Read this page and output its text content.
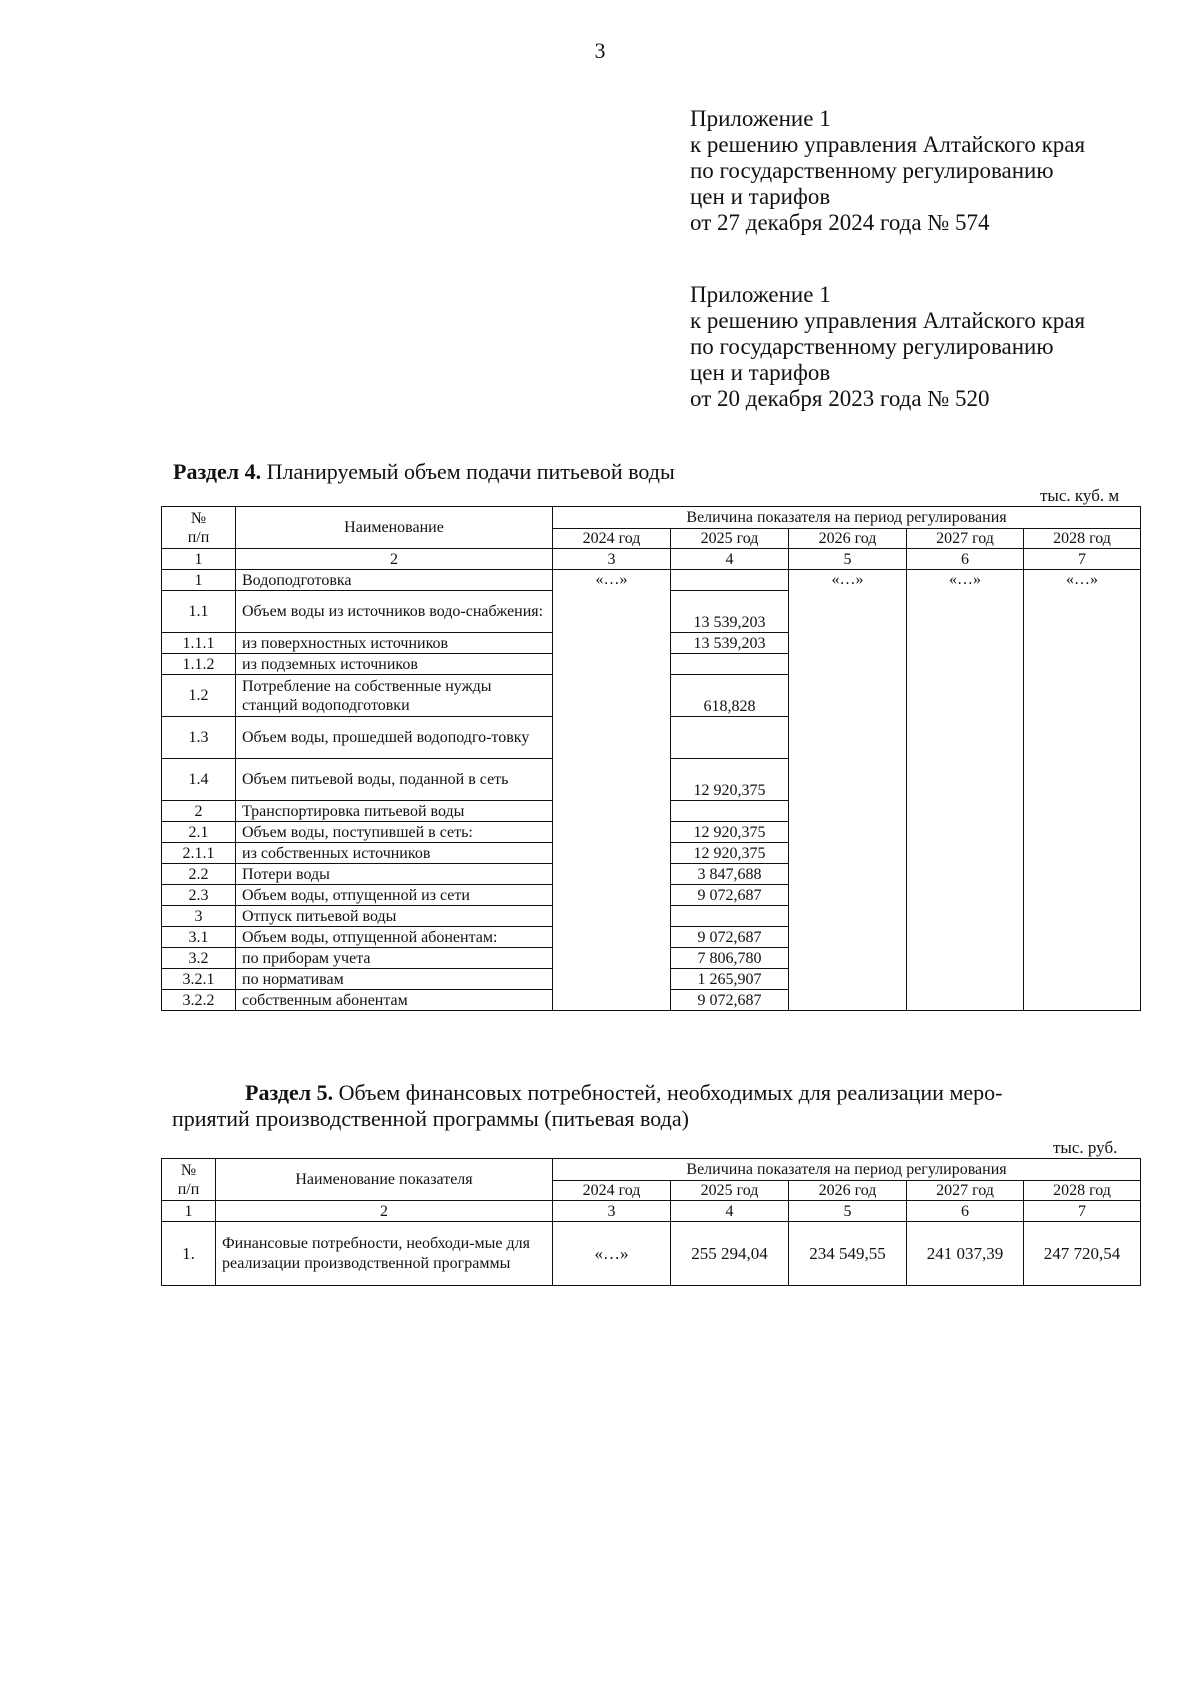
3
Приложение 1
к решению управления Алтайского края
по государственному регулированию
цен и тарифов
от 27 декабря 2024 года № 574
Приложение 1
к решению управления Алтайского края
по государственному регулированию
цен и тарифов
от 20 декабря 2023 года № 520
Раздел 4. Планируемый объем подачи питьевой воды
тыс. куб. м
№
п/п	Наименование	Величина показателя на период регулирования				
		2024 год	2025 год	2026 год	2027 год	2028 год
1	2	3	4	5	6	7
1	Водоподготовка	«…»		«…»	«…»	«…»
1.1	Объем воды из источников водо-снабжения:		13 539,203			
1.1.1	из поверхностных источников		13 539,203			
1.1.2	из подземных источников					
1.2	Потребление на собственные нужды станций водоподготовки		618,828			
1.3	Объем воды, прошедшей водоподго-товку					
1.4	Объем питьевой воды, поданной в сеть		12 920,375			
2	Транспортировка питьевой воды					
2.1	Объем воды, поступившей в сеть:		12 920,375			
2.1.1	из собственных источников		12 920,375			
2.2	Потери воды		3 847,688			
2.3	Объем воды, отпущенной из сети		9 072,687			
3	Отпуск питьевой воды					
3.1	Объем воды, отпущенной абонентам:		9 072,687			
3.2	по приборам учета		7 806,780			
3.2.1	по нормативам		1 265,907			
3.2.2	собственным абонентам		9 072,687			
Раздел 5. Объем финансовых потребностей, необходимых для реализации меро-
приятий производственной программы (питьевая вода)
тыс. руб.
№
п/п	Наименование показателя	Величина показателя на период регулирования				
		2024 год	2025 год	2026 год	2027 год	2028 год
1	2	3	4	5	6	7
1.	Финансовые потребности, необходи-мые для реализации производственной программы	«…»	255 294,04	234 549,55	241 037,39	247 720,54
